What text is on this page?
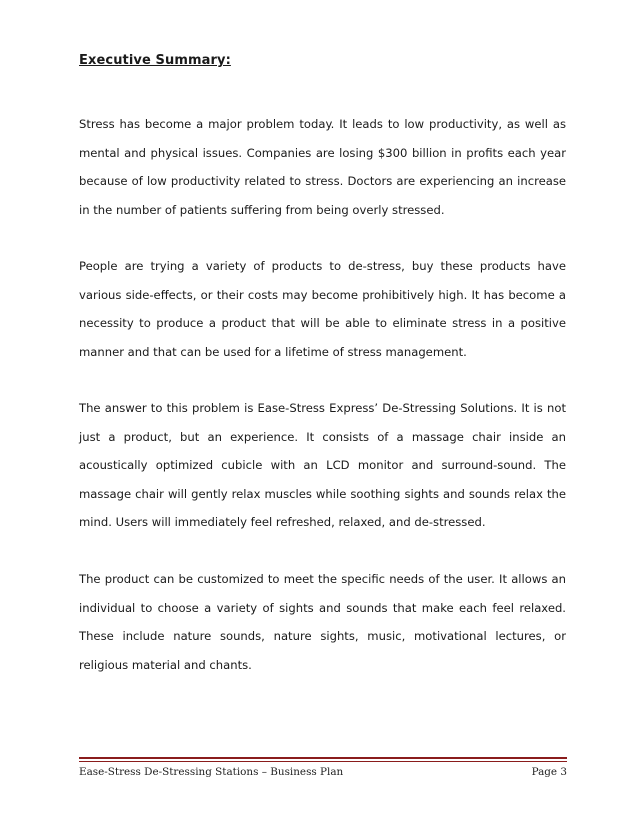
Executive Summary:

Stress has become a major problem today. It leads to low productivity, as well as mental and physical issues. Companies are losing $300 billion in profits each year because of low productivity related to stress. Doctors are experiencing an increase in the number of patients suffering from being overly stressed.

People are trying a variety of products to de-stress, buy these products have various side-effects, or their costs may become prohibitively high. It has become a necessity to produce a product that will be able to eliminate stress in a positive manner and that can be used for a lifetime of stress management.

The answer to this problem is Ease-Stress Express’ De-Stressing Solutions. It is not just a product, but an experience. It consists of a massage chair inside an acoustically optimized cubicle with an LCD monitor and surround-sound. The massage chair will gently relax muscles while soothing sights and sounds relax the mind. Users will immediately feel refreshed, relaxed, and de-stressed.

The product can be customized to meet the specific needs of the user. It allows an individual to choose a variety of sights and sounds that make each feel relaxed. These include nature sounds, nature sights, music, motivational lectures, or religious material and chants.

Ease-Stress De-Stressing Stations – Business Plan	Page 3
